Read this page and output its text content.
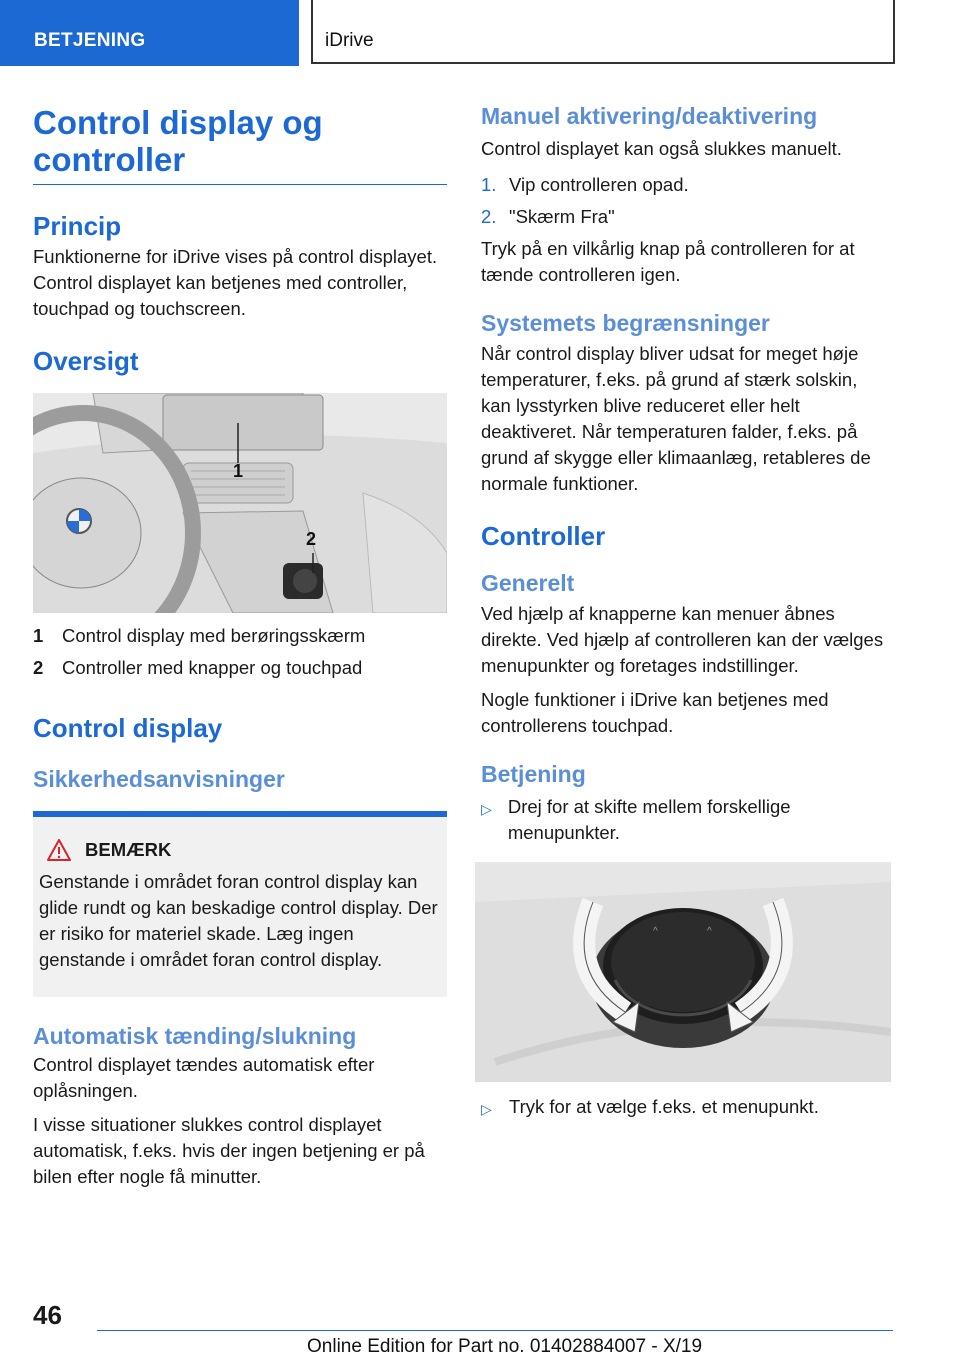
BETJENING	iDrive
Control display og controller
Princip

Funktionerne for iDrive vises på control displayet. Control displayet kan betjenes med controller, touchpad og touchscreen.

Oversigt
1
2
1	Control display med berøringsskærm
2	Controller med knapper og touchpad
Control display
Sikkerhedsanvisninger
BEMÆRK

Genstande i området foran control display kan glide rundt og kan beskadige control display. Der er risiko for materiel skade. Læg ingen genstande i området foran control display.

Automatisk tænding/slukning

Control displayet tændes automatisk efter oplåsningen.

I visse situationer slukkes control displayet automatisk, f.eks. hvis der ingen betjening er på bilen efter nogle få minutter.

Manuel aktivering/deaktivering

Control displayet kan også slukkes manuelt.

1. Vip controlleren opad.
2. "Skærm Fra"

Tryk på en vilkårlig knap på controlleren for at tænde controlleren igen.

Systemets begrænsninger

Når control display bliver udsat for meget høje temperaturer, f.eks. på grund af stærk solskin, kan lysstyrken blive reduceret eller helt deaktiveret. Når temperaturen falder, f.eks. på grund af skygge eller klimaanlæg, retableres de normale funktioner.

Controller
Generelt

Ved hjælp af knapperne kan menuer åbnes direkte. Ved hjælp af controlleren kan der vælges menupunkter og foretages indstillinger.

Nogle funktioner i iDrive kan betjenes med controllerens touchpad.

Betjening
▷ Drej for at skifte mellem forskellige menupunkter.
^	^
▷ Tryk for at vælge f.eks. et menupunkt.
46
Online Edition for Part no. 01402884007 - X/19
